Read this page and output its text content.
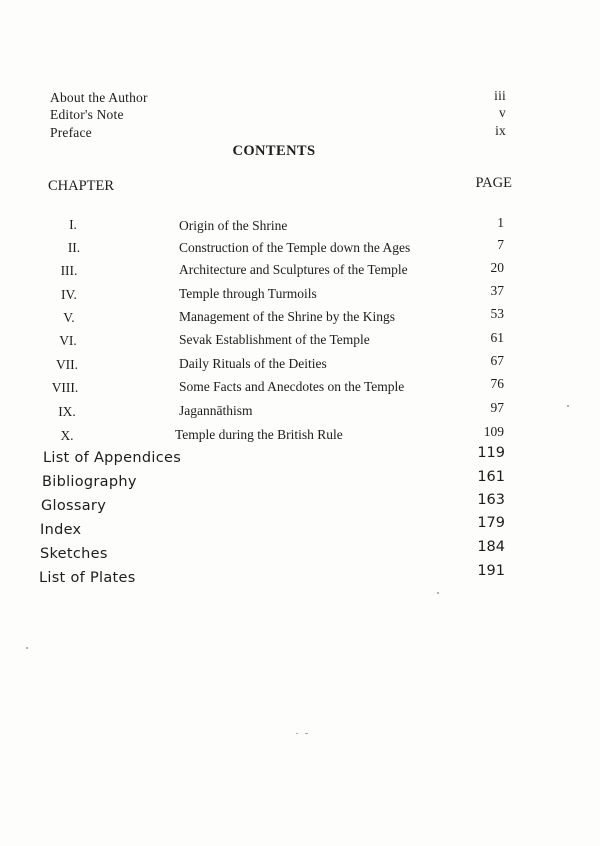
About the Author	iii
Editor's Note	v
Preface	ix
CONTENTS
CHAPTER	PAGE
I.	Origin of the Shrine	1
II.	Construction of the Temple down the Ages	7
III.	Architecture and Sculptures of the Temple	20
IV.	Temple through Turmoils	37
V.	Management of the Shrine by the Kings	53
VI.	Sevak Establishment of the Temple	61
VII.	Daily Rituals of the Deities	67
VIII.	Some Facts and Anecdotes on the Temple	76
IX.	Jagannāthism	97
X.	Temple during the British Rule	109
List of Appendices	119
Bibliography	161
Glossary	163
Index	179
Sketches	184
List of Plates	191
